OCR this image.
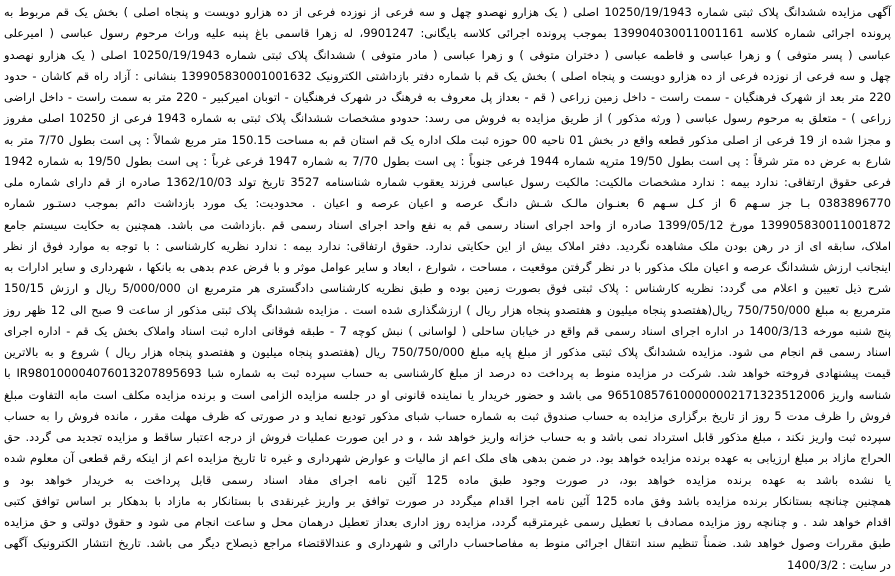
آگهی مزایده ششدانگ پلاک ثبتی شماره 10250/19/1943 اصلی ( یک هزارو نهصدو چهل و سه فرعی از نوزده فرعی از ده هزارو دویست و پنجاه اصلی ) بخش یک قم مربوط به
پرونده اجرائی شماره کلاسه 139904030011001161 بموجب پرونده اجرائی کلاسه بایگانی: 9901247، له زهرا قاسمی باغ پنبه علیه وراث مرحوم رسول عباسی ( امیرعلی
عباسی ( پسر متوفی ) و زهرا عباسی و فاطمه عباسی ( دختران متوفی ) و زهرا عباسی ( مادر متوفی ) ششدانگ پلاک ثبتی شماره 10250/19/1943 اصلی ( یک هزارو نهصدو
چهل و سه فرعی از نوزده فرعی از ده هزارو دویست و پنجاه اصلی ) بخش یک قم با شماره دفتر بازداشتی الکترونیک 139905830001001632 بنشانی : آزاد راه قم کاشان - حدود
220 متر بعد از شهرک فرهنگیان - سمت راست - داخل زمین زراعی ( قم - بعداز پل معروف به فرهنگ در شهرک فرهنگیان - اتوبان امیرکبیر - 220 متر به سمت راست - داخل اراضی
زراعی ) - متعلق به مرحوم رسول عباسی ( ورثه مذکور ) از طریق مزایده به فروش می رسد: حدودو مشخصات ششدانگ پلاک ثبتی به شماره 1943 فرعی از 10250 اصلی مفروز
و مجزا شده از 19 فرعی از اصلی مذکور قطعه واقع در بخش 01 ناحیه 00 حوزه ثبت ملک اداره یک قم استان قم به مساحت 150.15 متر مربع شمالاً : پی است بطول 7/70 متر به
شارع به عرض ده متر شرقاً : پی است بطول 19/50 مترپه شماره 1944 فرعی جنوباً : پی است بطول 7/70 به شماره 1947 فرعی غرباً : پی است بطول 19/50 به شماره 1942
فرعی حقوق ارتفاقی: ندارد بیمه : ندارد مشخصات مالکیت: مالکیت رسول عباسی فرزند یعقوب شماره شناسنامه 3527 تاریخ تولد 1362/10/03 صادره از قم دارای شماره ملی
0383896770 بـا جز سـهم 6 از کـل سـهم 6 بعنـوان مالـک شـش دانـگ عرصه و اعیان عرصه و اعیان . محدودیت: یک مورد بازداشت دائم بموجب دستـور شماره
139905830011001872 مورخ 1399/05/12 صادره از واحد اجرای اسناد رسمی قم به نفع واحد اجرای اسناد رسمی قم .بازداشت می باشد. همچنین به حکایت سیستم جامع
املاک، سابقه ای از در رهن بودن ملک مشاهده نگردید. دفتر املاک بیش از این حکایتی ندارد. حقوق ارتفاقی: ندارد بیمه : ندارد نظریه کارشناسی : با توجه به موارد فوق از نظر
اینجانب ارزش ششدانگ عرصه و اعیان ملک مذکور با در نظر گرفتن موقعیت ، مساحت ، شوارع ، ابعاد و سایر عوامل موثر و با فرض عدم بدهی به بانکها ، شهرداری و سایر ادارات به
شرح ذیل تعیین و اعلام می گردد: نظریه کارشناس : پلاک ثبتی فوق بصورت زمین بوده و طبق نظریه کارشناسی دادگستری هر مترمربع ان 5/000/000 ریال و ارزش 150/15
مترمربع به مبلغ 750/750/000 ریال(هفتصدو پنجاه میلیون و هفتصدو پنجاه هزار ریال ) ارزشگذاری شده است . مزایده ششدانگ پلاک ثبتی مذکور از ساعت 9 صبح الی 12 ظهر روز
پنج شنبه مورخه 1400/3/13 در اداره اجرای اسناد رسمی قم واقع در خیابان ساحلی ( لواسانی ) نبش کوچه 7 - طبقه فوقانی اداره ثبت اسناد واملاک بخش یک قم - اداره اجرای
اسناد رسمی قم انجام می شود. مزایده ششدانگ پلاک ثبتی مذکور از مبلغ پایه مبلغ 750/750/000 ریال (هفتصدو پنجاه میلیون و هفتصدو پنجاه هزار ریال ) شروع و به بالاترین
قیمت پیشنهادی فروخته خواهد شد. شرکت در مزایده منوط به پرداخت ده درصد از مبلغ کارشناسی به حساب سپرده ثبت به شماره شبا IR980100004076013207895693 با
شناسه واریز 965108576100000002171323512006 می باشد و حضور خریدار یا نماینده قانونی او در جلسه مزایده الزامی است و برنده مزایده مکلف است مابه التفاوت مبلغ
فروش را ظرف مدت 5 روز از تاریخ برگزاری مزایده به حساب صندوق ثبت به شماره حساب شبای مذکور تودیع نماید و در صورتی که ظرف مهلت مقرر ، مانده فروش را به حساب
سپرده ثبت واریز نکند ، مبلغ مذکور قابل استرداد نمی باشد و به حساب خزانه واریز خواهد شد ، و در این صورت عملیات فروش از درجه اعتبار ساقط و مزایده تجدید می گردد. حق
الحراج مازاد بر مبلغ ارزیابی به عهده برنده مزایده خواهد بود. در ضمن بدهی های ملک اعم از مالیات و عوارض شهرداری و غیره تا تاریخ مزایده اعم از اینکه رقم قطعی آن معلوم شده
یا نشده باشد به عهده برنده مزایده خواهد بود، در صورت وجود طبق ماده 125 آئین نامه اجرای مفاد اسناد رسمی قابل پرداخت به خریدار خواهد بود و
همچنین چنانچه بستانکار برنده مزایده باشد وفق ماده 125 آئین نامه اجرا اقدام میگردد در صورت توافق بر واریز غیرنقدی با بستانکار به مازاد با بدهکار بر اساس توافق کتبی
اقدام خواهد شد . و چنانچه روز مزایده مصادف با تعطیل رسمی غیرمترقبه گردد، مزایده روز اداری بعداز تعطیل درهمان محل و ساعت انجام می شود و حقوق دولتی و حق مزایده
طبق مقررات وصول خواهد شد. ضمناً تنظیم سند انتقال اجرائی منوط به مفاصاحساب دارائی و شهرداری و عندالاقتضاء مراجع ذیصلاح دیگر می باشد. تاریخ انتشار الکترونیک آگهی
در سایت : 1400/3/2
